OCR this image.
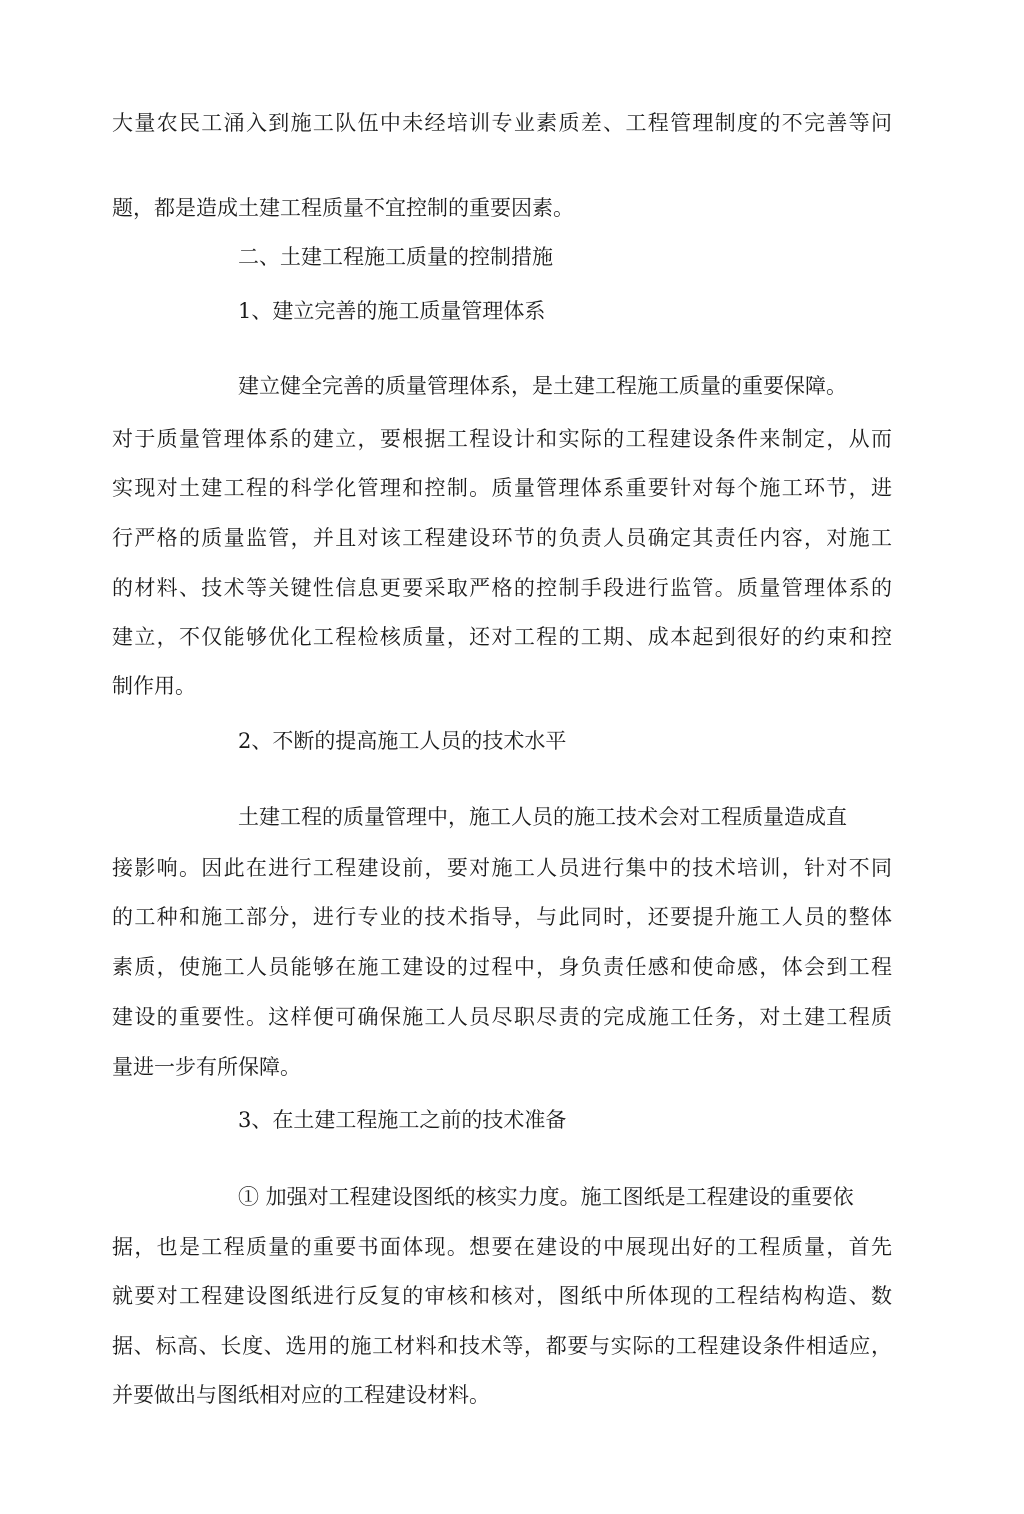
大量农民工涌入到施工队伍中未经培训专业素质差、工程管理制度的不完善等问
题，都是造成土建工程质量不宜控制的重要因素。
二、土建工程施工质量的控制措施
1、建立完善的施工质量管理体系
建立健全完善的质量管理体系，是土建工程施工质量的重要保障。
对于质量管理体系的建立，要根据工程设计和实际的工程建设条件来制定，从而
实现对土建工程的科学化管理和控制。质量管理体系重要针对每个施工环节，进
行严格的质量监管，并且对该工程建设环节的负责人员确定其责任内容，对施工
的材料、技术等关键性信息更要采取严格的控制手段进行监管。质量管理体系的
建立，不仅能够优化工程检核质量，还对工程的工期、成本起到很好的约束和控
制作用。
2、不断的提高施工人员的技术水平
土建工程的质量管理中，施工人员的施工技术会对工程质量造成直
接影响。因此在进行工程建设前，要对施工人员进行集中的技术培训，针对不同
的工种和施工部分，进行专业的技术指导，与此同时，还要提升施工人员的整体
素质，使施工人员能够在施工建设的过程中，身负责任感和使命感，体会到工程
建设的重要性。这样便可确保施工人员尽职尽责的完成施工任务，对土建工程质
量进一步有所保障。
3、在土建工程施工之前的技术准备
① 加强对工程建设图纸的核实力度。施工图纸是工程建设的重要依
据，也是工程质量的重要书面体现。想要在建设的中展现出好的工程质量，首先
就要对工程建设图纸进行反复的审核和核对，图纸中所体现的工程结构构造、数
据、标高、长度、选用的施工材料和技术等，都要与实际的工程建设条件相适应，
并要做出与图纸相对应的工程建设材料。
